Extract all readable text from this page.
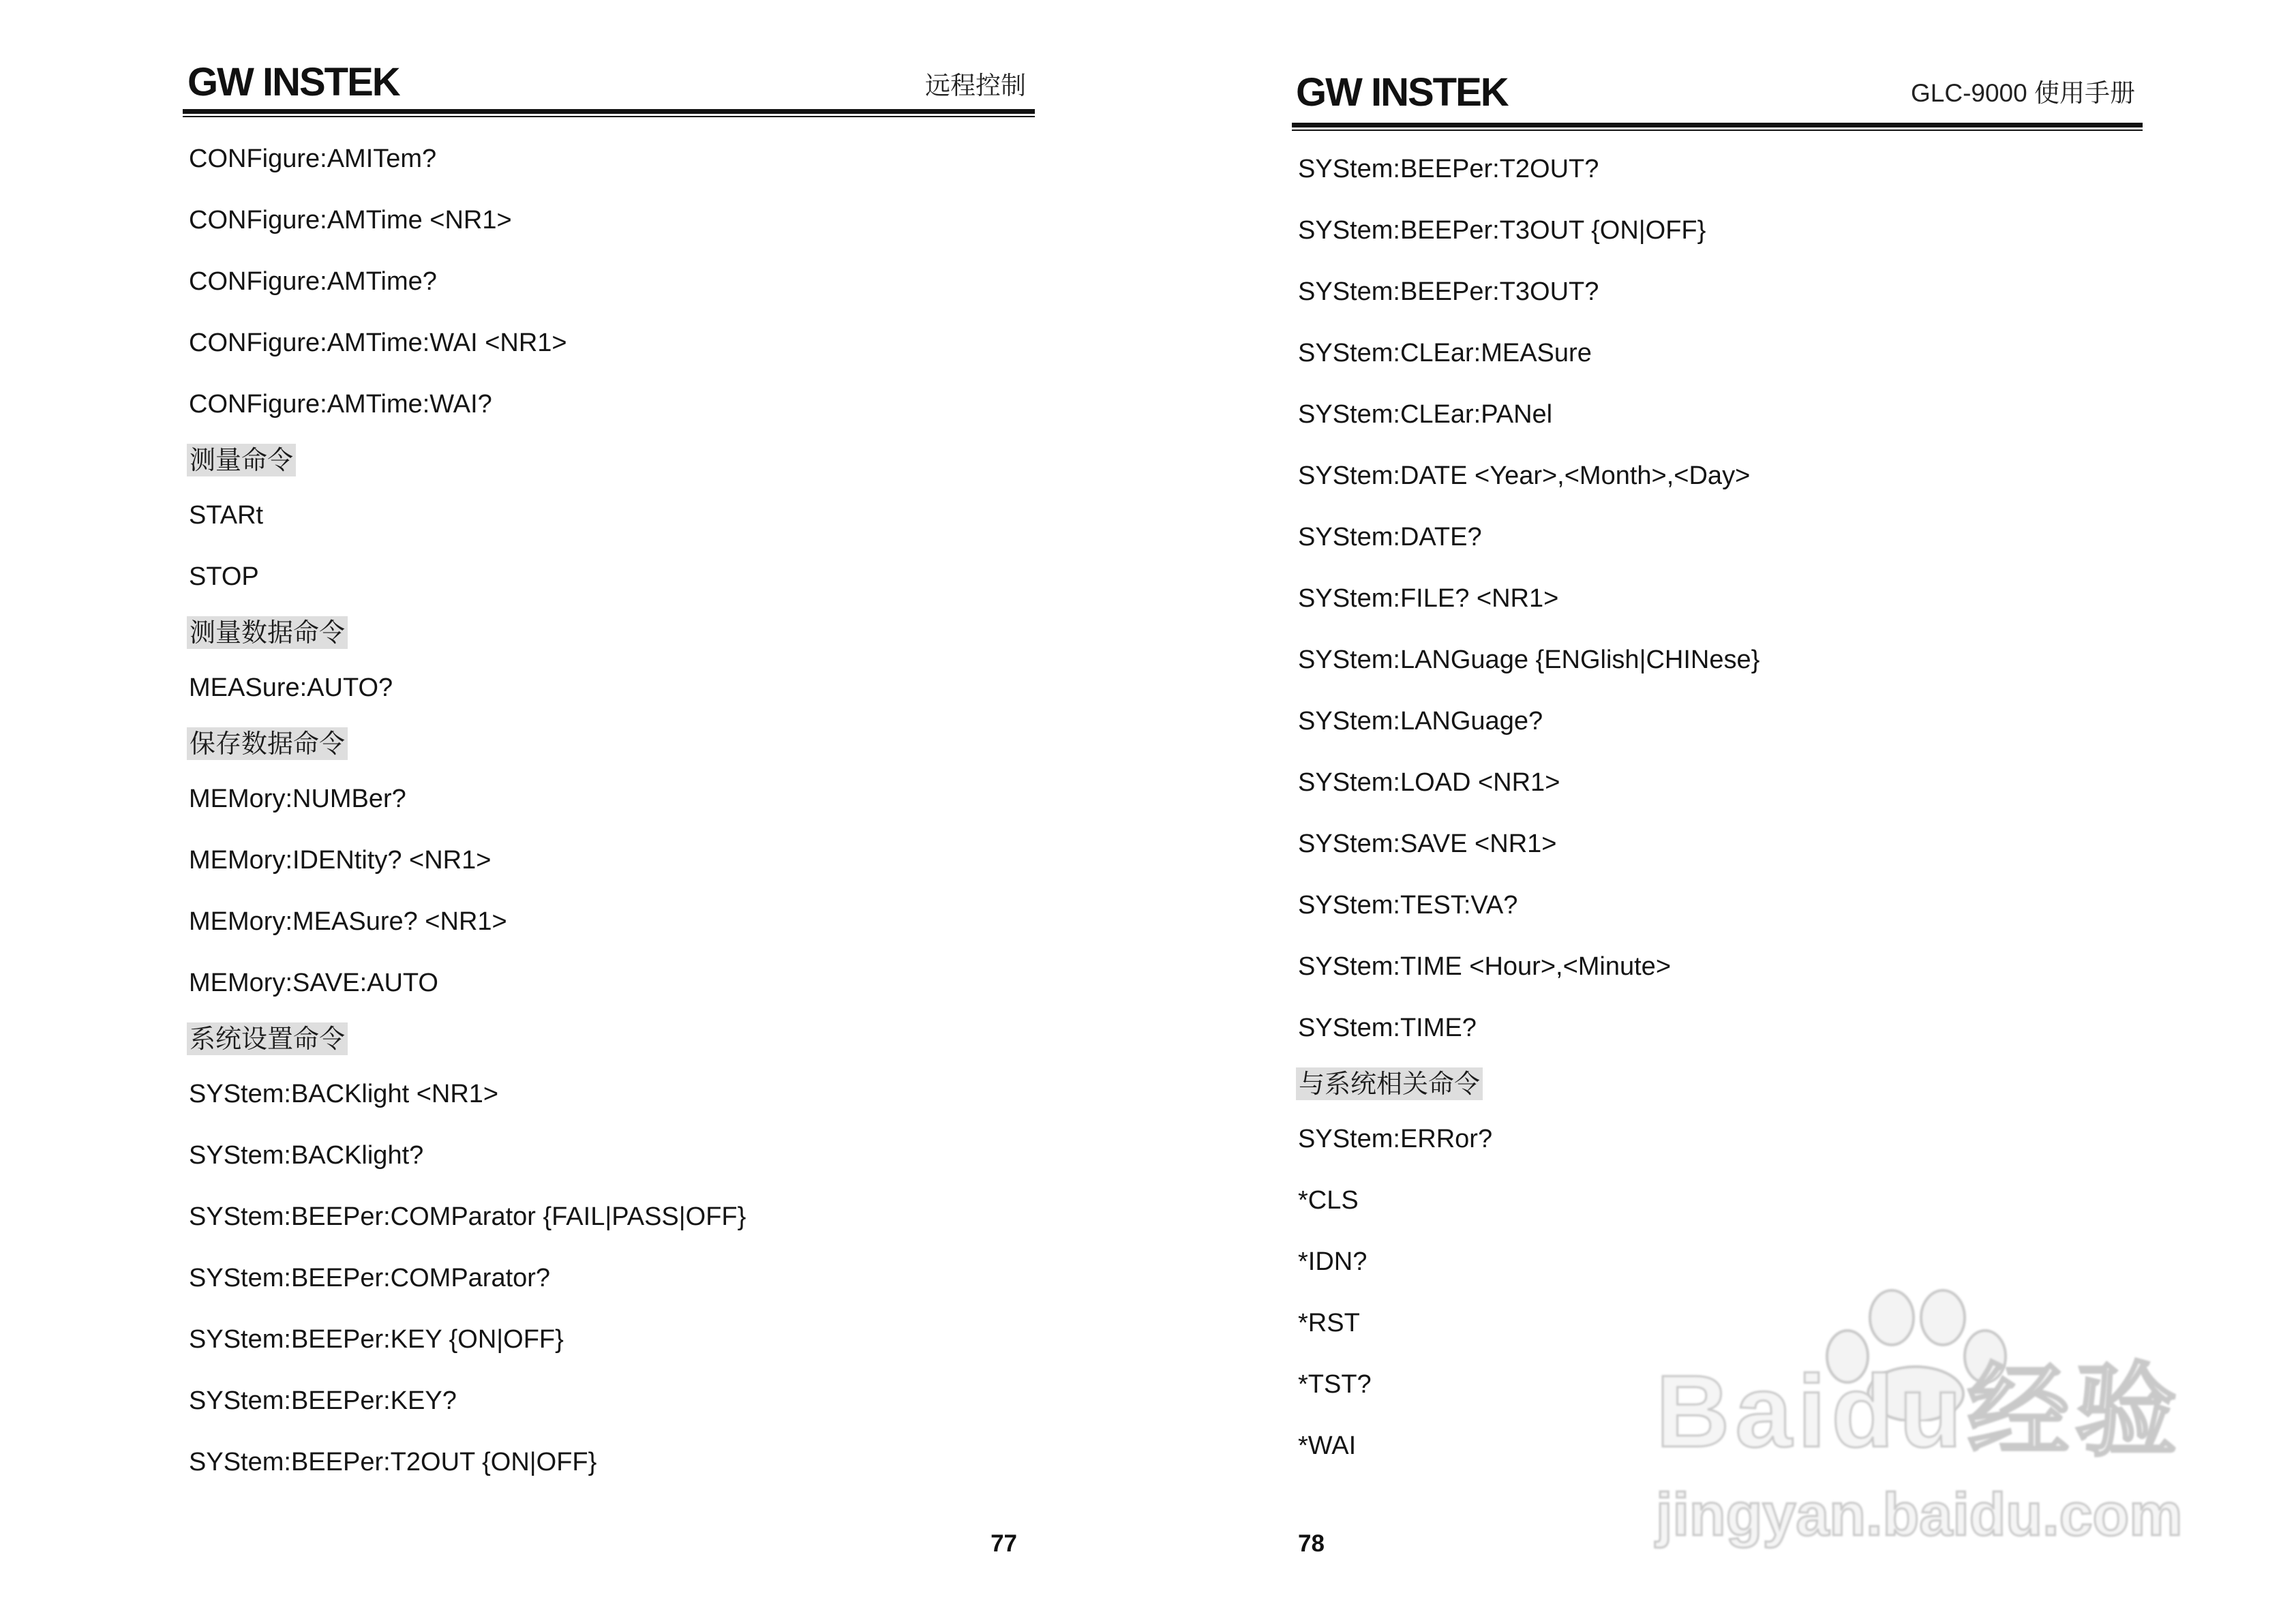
GW INSTEK	远程控制
CONFigure:AMITem?
CONFigure:AMTime <NR1>
CONFigure:AMTime?
CONFigure:AMTime:WAI <NR1>
CONFigure:AMTime:WAI?
测量命令
STARt
STOP
测量数据命令
MEASure:AUTO?
保存数据命令
MEMory:NUMBer?
MEMory:IDENtity? <NR1>
MEMory:MEASure? <NR1>
MEMory:SAVE:AUTO
系统设置命令
SYStem:BACKlight <NR1>
SYStem:BACKlight?
SYStem:BEEPer:COMParator {FAIL|PASS|OFF}
SYStem:BEEPer:COMParator?
SYStem:BEEPer:KEY {ON|OFF}
SYStem:BEEPer:KEY?
SYStem:BEEPer:T2OUT {ON|OFF}
77
GW INSTEK	GLC-9000 使用手册
SYStem:BEEPer:T2OUT?
SYStem:BEEPer:T3OUT {ON|OFF}
SYStem:BEEPer:T3OUT?
SYStem:CLEar:MEASure
SYStem:CLEar:PANel
SYStem:DATE <Year>,<Month>,<Day>
SYStem:DATE?
SYStem:FILE? <NR1>
SYStem:LANGuage {ENGlish|CHINese}
SYStem:LANGuage?
SYStem:LOAD <NR1>
SYStem:SAVE <NR1>
SYStem:TEST:VA?
SYStem:TIME <Hour>,<Minute>
SYStem:TIME?
与系统相关命令
SYStem:ERRor?
*CLS
*IDN?
*RST
*TST?
*WAI
78
Baidu经验
jingyan.baidu.com
